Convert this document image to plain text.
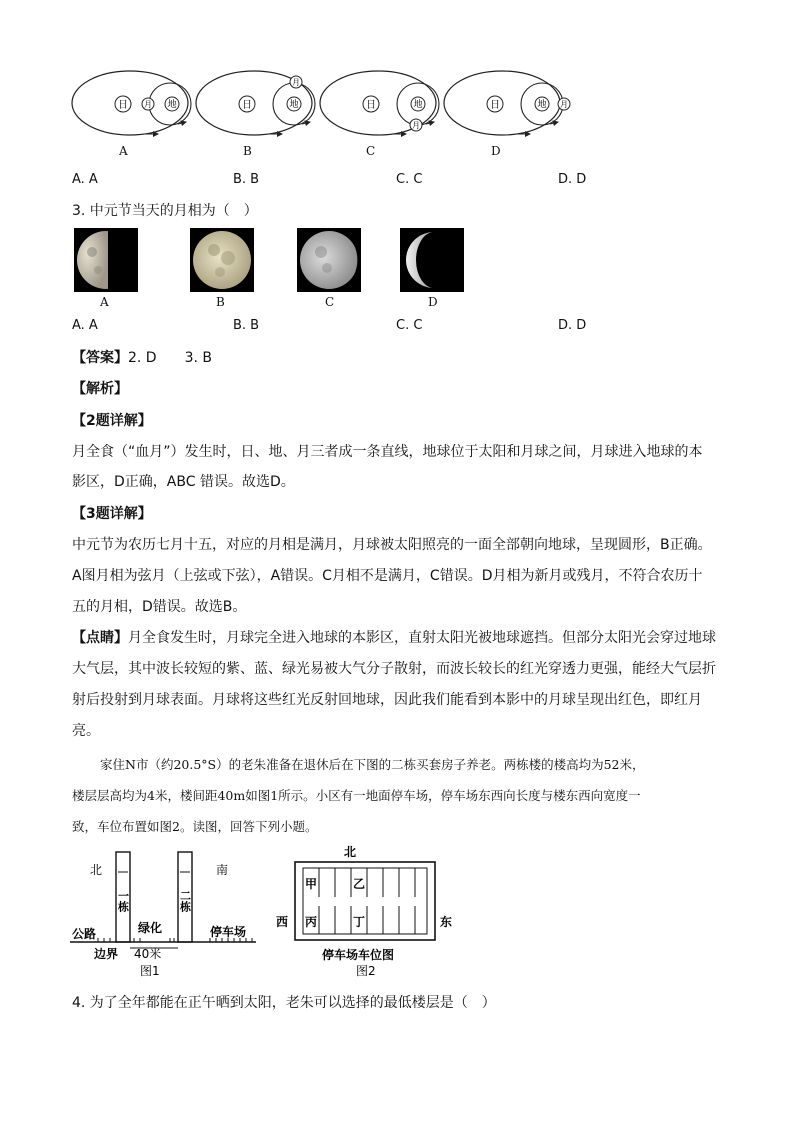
日 月 地	日	地
月
日	地
月
日	地 月
A	B	C	D
A. A	B. B	C. C	D. D
3. 中元节当天的月相为（　）
A	B	C	D
A. A	B. B	C. C	D. D
【答案】2. D　　3. B
【解析】
【2题详解】
月全食（“血月”）发生时，日、地、月三者成一条直线，地球位于太阳和月球之间，月球进入地球的本
影区，D正确，ABC 错误。故选D。
【3题详解】
中元节为农历七月十五，对应的月相是满月，月球被太阳照亮的一面全部朝向地球，呈现圆形，B正确。
A图月相为弦月（上弦或下弦），A错误。C月相不是满月，C错误。D月相为新月或残月，不符合农历十
五的月相，D错误。故选B。
【点睛】月全食发生时，月球完全进入地球的本影区，直射太阳光被地球遮挡。但部分太阳光会穿过地球
大气层，其中波长较短的紫、蓝、绿光易被大气分子散射，而波长较长的红光穿透力更强，能经大气层折
射后投射到月球表面。月球将这些红光反射回地球，因此我们能看到本影中的月球呈现出红色，即红月
亮。
家住N市（约20.5°S）的老朱准备在退休后在下图的二栋买套房子养老。两栋楼的楼高均为52米，
楼层层高均为4米，楼间距40m如图1所示。小区有一地面停车场，停车场东西向长度与楼东西向宽度一
致，车位布置如图2。读图，回答下列小题。
北	南
一栋	二栋
公路	绿化	停车场
边界 40米
图1
北
西	东
甲	乙
丙	丁
停车场车位图
图2
4. 为了全年都能在正午晒到太阳，老朱可以选择的最低楼层是（　）
